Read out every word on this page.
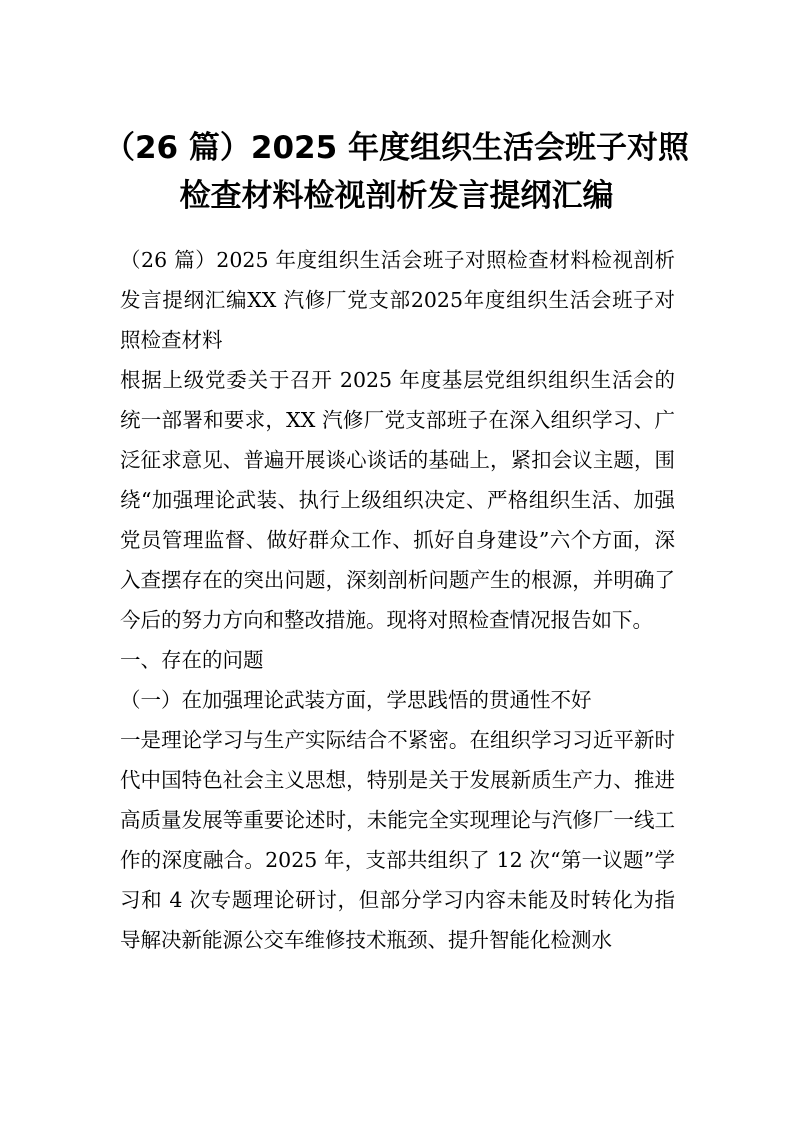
（26 篇）2025 年度组织生活会班子对照检查材料检视剖析发言提纲汇编

（26 篇）2025 年度组织生活会班子对照检查材料检视剖析发言提纲汇编XX 汽修厂党支部2025年度组织生活会班子对照检查材料

根据上级党委关于召开 2025 年度基层党组织组织生活会的统一部署和要求，XX 汽修厂党支部班子在深入组织学习、广泛征求意见、普遍开展谈心谈话的基础上，紧扣会议主题，围绕“加强理论武装、执行上级组织决定、严格组织生活、加强党员管理监督、做好群众工作、抓好自身建设”六个方面，深入查摆存在的突出问题，深刻剖析问题产生的根源，并明确了今后的努力方向和整改措施。现将对照检查情况报告如下。

一、存在的问题

（一）在加强理论武装方面，学思践悟的贯通性不好

一是理论学习与生产实际结合不紧密。在组织学习习近平新时代中国特色社会主义思想，特别是关于发展新质生产力、推进高质量发展等重要论述时，未能完全实现理论与汽修厂一线工作的深度融合。2025 年，支部共组织了 12 次“第一议题”学习和 4 次专题理论研讨，但部分学习内容未能及时转化为指导解决新能源公交车维修技术瓶颈、提升智能化检测水
